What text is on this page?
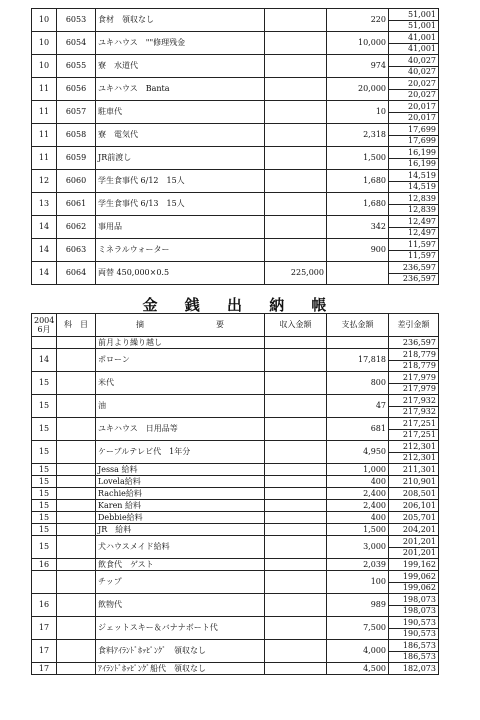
10	6053	食材　領収なし		220	51,001
					51,001
10	6054	ユキハウス　""修理残金		10,000	41,001
					41,001
10	6055	寮　水道代		974	40,027
					40,027
11	6056	ユキハウス　Banta		20,000	20,027
					20,027
11	6057	駐車代		10	20,017
					20,017
11	6058	寮　電気代		2,318	17,699
					17,699
11	6059	JR前渡し		1,500	16,199
					16,199
12	6060	学生食事代 6/12　15人		1,680	14,519
					14,519
13	6061	学生食事代 6/13　15人		1,680	12,839
					12,839
14	6062	事用品		342	12,497
					12,497
14	6063	ミネラルウォーター		900	11,597
					11,597
14	6064	両替 450,000×0.5	225,000		236,597
					236,597
金 銭 出 納 帳
2004
6月	科　目	摘　　　　　　　　　要	収入金額	支払金額	差引金額
		前月より繰り越し			236,597
14		ポローン		17,818	218,779
					218,779
15		米代		800	217,979
					217,979
15		油		47	217,932
					217,932
15		ユキハウス　日用品等		681	217,251
					217,251
15		ケーブルテレビ代　1年分		4,950	212,301
					212,301
15		Jessa 給料		1,000	211,301
15		Lovela給料		400	210,901
15		Rachie給料		2,400	208,501
15		Karen 給料		2,400	206,101
15		Debbie給料		400	205,701
15		JR　給料		1,500	204,201
15		犬ハウスメイド給料		3,000	201,201
					201,201
16		飲食代　ゲスト		2,039	199,162
		チップ		100	199,062
					199,062
16		飲物代		989	198,073
					198,073
17		ジェットスキー＆バナナボート代		7,500	190,573
					190,573
17		食料ｱｲﾗﾝﾄﾞﾎｯﾋﾟﾝｸﾞ　領収なし		4,000	186,573
					186,573
17		ｱｲﾗﾝﾄﾞﾎｯﾋﾟﾝｸﾞ船代　領収なし		4,500	182,073
